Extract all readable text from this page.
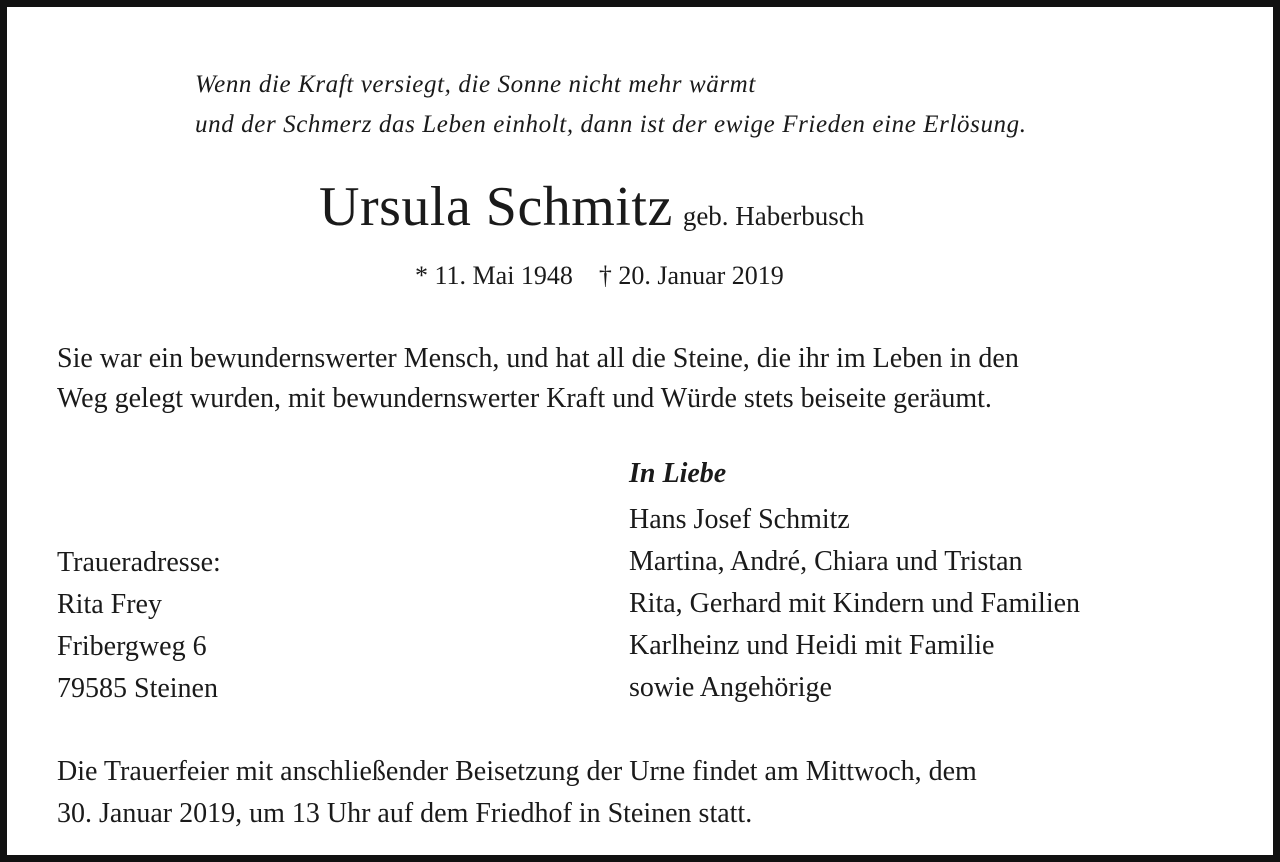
Wenn die Kraft versiegt, die Sonne nicht mehr wärmt
und der Schmerz das Leben einholt, dann ist der ewige Frieden eine Erlösung.
Ursula Schmitz geb. Haberbusch
* 11. Mai 1948 † 20. Januar 2019
Sie war ein bewundernswerter Mensch, und hat all die Steine, die ihr im Leben in den
Weg gelegt wurden, mit bewundernswerter Kraft und Würde stets beiseite geräumt.
In Liebe
Hans Josef Schmitz
Martina, André, Chiara und Tristan
Rita, Gerhard mit Kindern und Familien
Karlheinz und Heidi mit Familie
sowie Angehörige
Traueradresse:
Rita Frey
Fribergweg 6
79585 Steinen
Die Trauerfeier mit anschließender Beisetzung der Urne findet am Mittwoch, dem
30. Januar 2019, um 13 Uhr auf dem Friedhof in Steinen statt.
